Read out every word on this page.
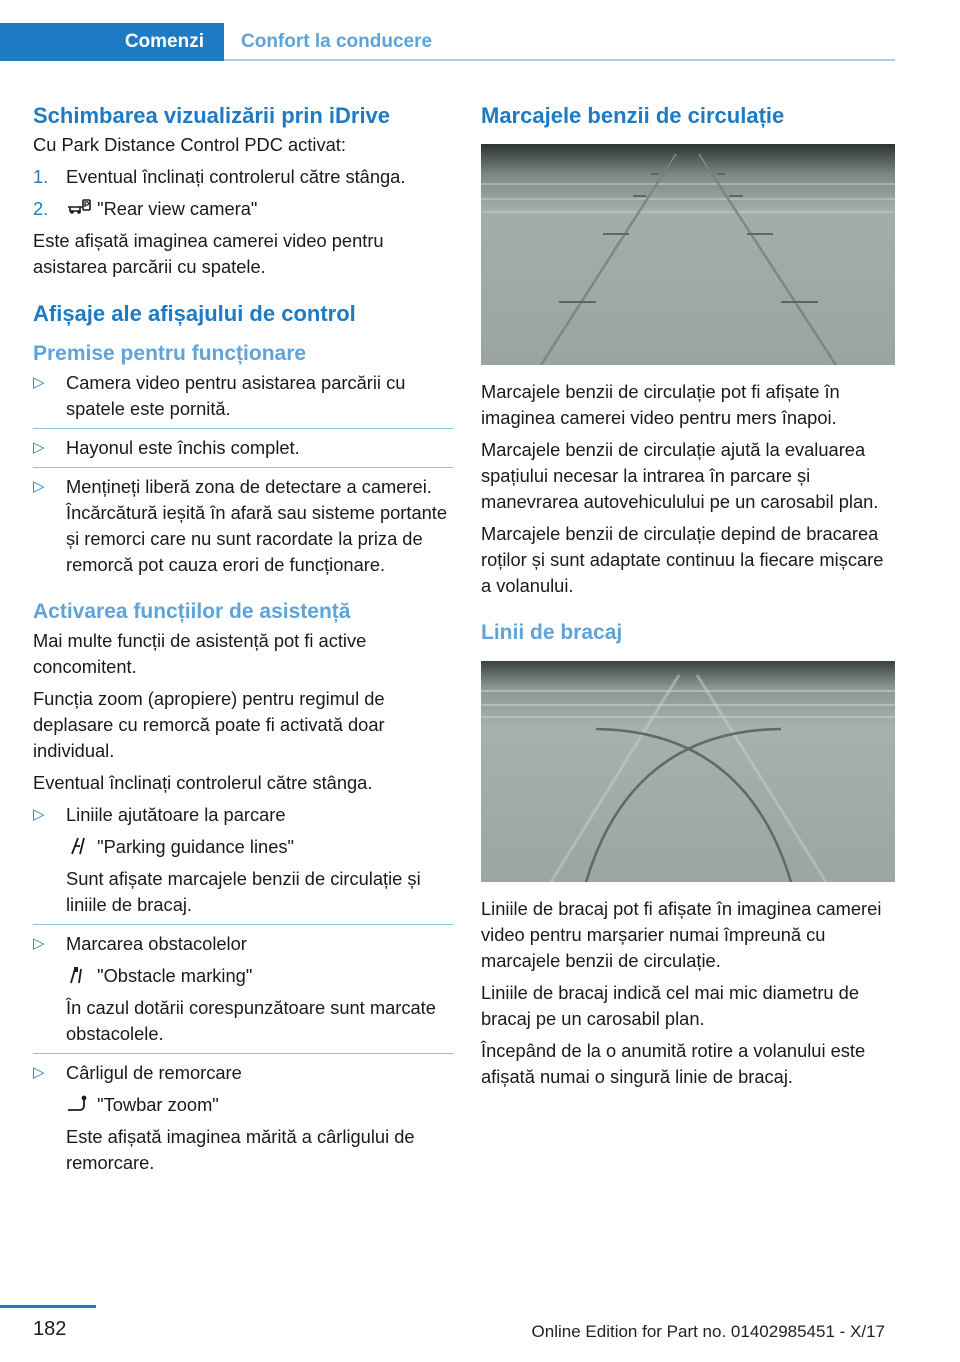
Comenzi	Confort la conducere
Schimbarea vizualizării prin iDrive

Cu Park Distance Control PDC activat:

1. Eventual înclinați controlerul către stânga.
2.	"Rear view camera"

Este afișată imaginea camerei video pentru asistarea parcării cu spatele.

Afișaje ale afișajului de control
Premise pentru funcționare
▷ Camera video pentru asistarea parcării cu spatele este pornită.
▷ Hayonul este închis complet.
▷ Mențineți liberă zona de detectare a camerei. Încărcătură ieșită în afară sau sisteme portante și remorci care nu sunt racordate la priza de remorcă pot cauza erori de funcționare.
Activarea funcțiilor de asistență

Mai multe funcții de asistență pot fi active concomitent.

Funcția zoom (apropiere) pentru regimul de deplasare cu remorcă poate fi activată doar individual.

Eventual înclinați controlerul către stânga.

▷ Liniile ajutătoare la parcare
"Parking guidance lines"
Sunt afișate marcajele benzii de circulație și liniile de bracaj.
▷ Marcarea obstacolelor
"Obstacle marking"
În cazul dotării corespunzătoare sunt marcate obstacolele.
▷ Cârligul de remorcare
"Towbar zoom"
Este afișată imaginea mărită a cârligului de remorcare.
Marcajele benzii de circulație

Marcajele benzii de circulație pot fi afișate în imaginea camerei video pentru mers înapoi.

Marcajele benzii de circulație ajută la evaluarea spațiului necesar la intrarea în parcare și manevrarea autovehiculului pe un carosabil plan.

Marcajele benzii de circulație depind de bracarea roților și sunt adaptate continuu la fiecare mișcare a volanului.

Linii de bracaj

Liniile de bracaj pot fi afișate în imaginea camerei video pentru marșarier numai împreună cu marcajele benzii de circulație.

Liniile de bracaj indică cel mai mic diametru de bracaj pe un carosabil plan.

Începând de la o anumită rotire a volanului este afișată numai o singură linie de bracaj.

182	Online Edition for Part no. 01402985451 - X/17
